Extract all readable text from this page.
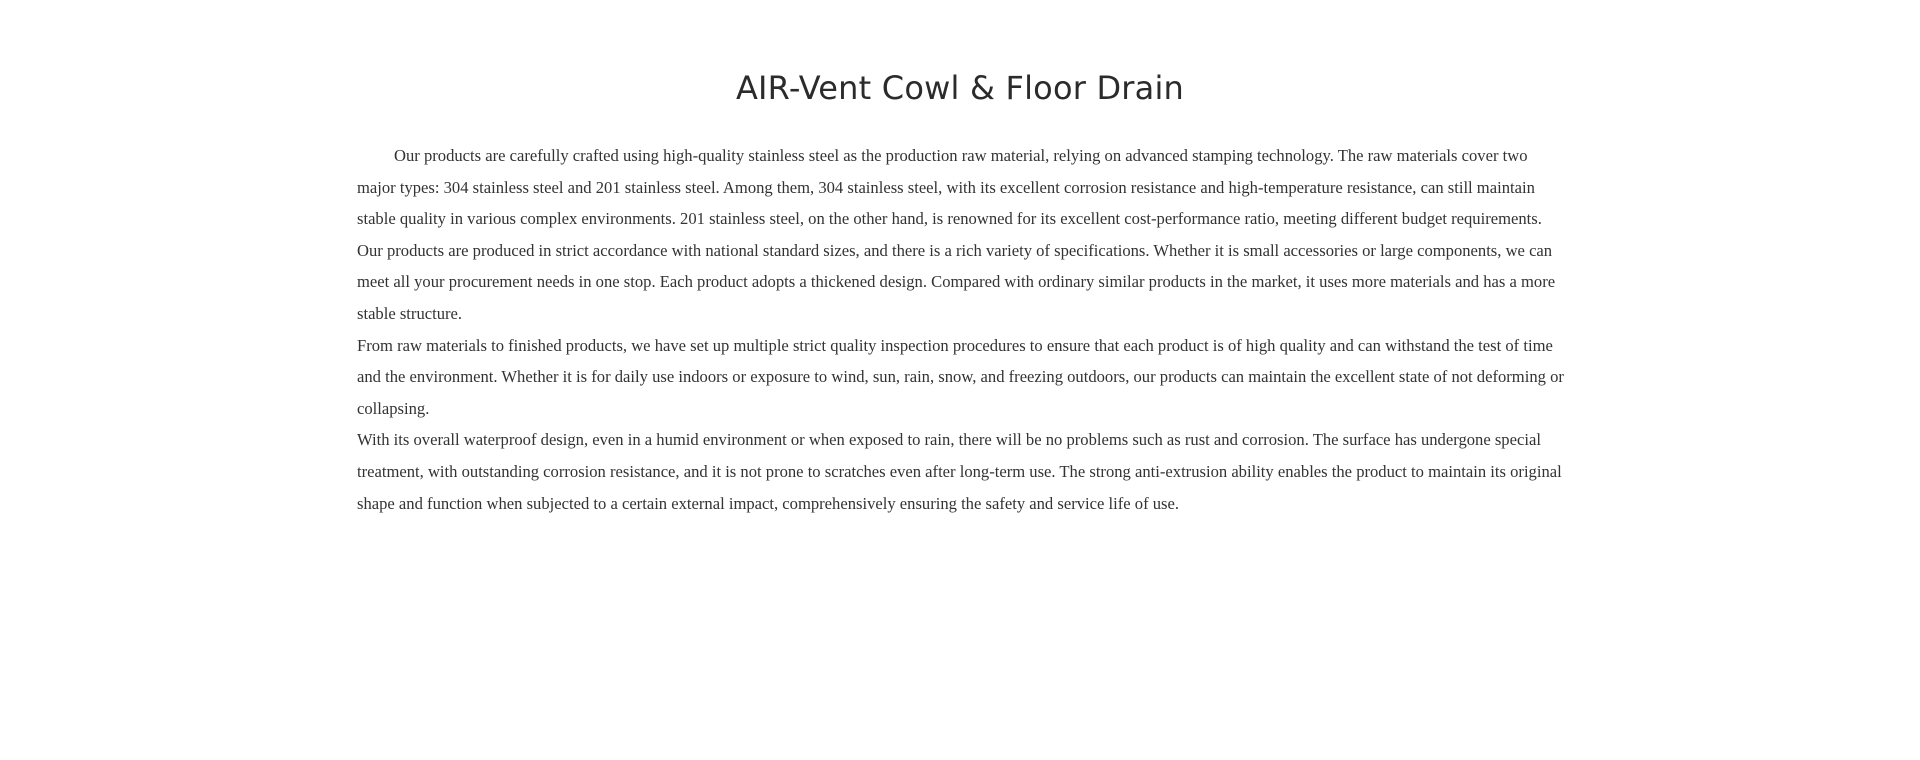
AIR-Vent Cowl & Floor Drain

Our products are carefully crafted using high-quality stainless steel as the production raw material, relying on advanced stamping technology. The raw materials cover two major types: 304 stainless steel and 201 stainless steel. Among them, 304 stainless steel, with its excellent corrosion resistance and high-temperature resistance, can still maintain stable quality in various complex environments. 201 stainless steel, on the other hand, is renowned for its excellent cost-performance ratio, meeting different budget requirements.

Our products are produced in strict accordance with national standard sizes, and there is a rich variety of specifications. Whether it is small accessories or large components, we can meet all your procurement needs in one stop. Each product adopts a thickened design. Compared with ordinary similar products in the market, it uses more materials and has a more stable structure.

From raw materials to finished products, we have set up multiple strict quality inspection procedures to ensure that each product is of high quality and can withstand the test of time and the environment. Whether it is for daily use indoors or exposure to wind, sun, rain, snow, and freezing outdoors, our products can maintain the excellent state of not deforming or collapsing.

With its overall waterproof design, even in a humid environment or when exposed to rain, there will be no problems such as rust and corrosion. The surface has undergone special treatment, with outstanding corrosion resistance, and it is not prone to scratches even after long-term use. The strong anti-extrusion ability enables the product to maintain its original shape and function when subjected to a certain external impact, comprehensively ensuring the safety and service life of use.
